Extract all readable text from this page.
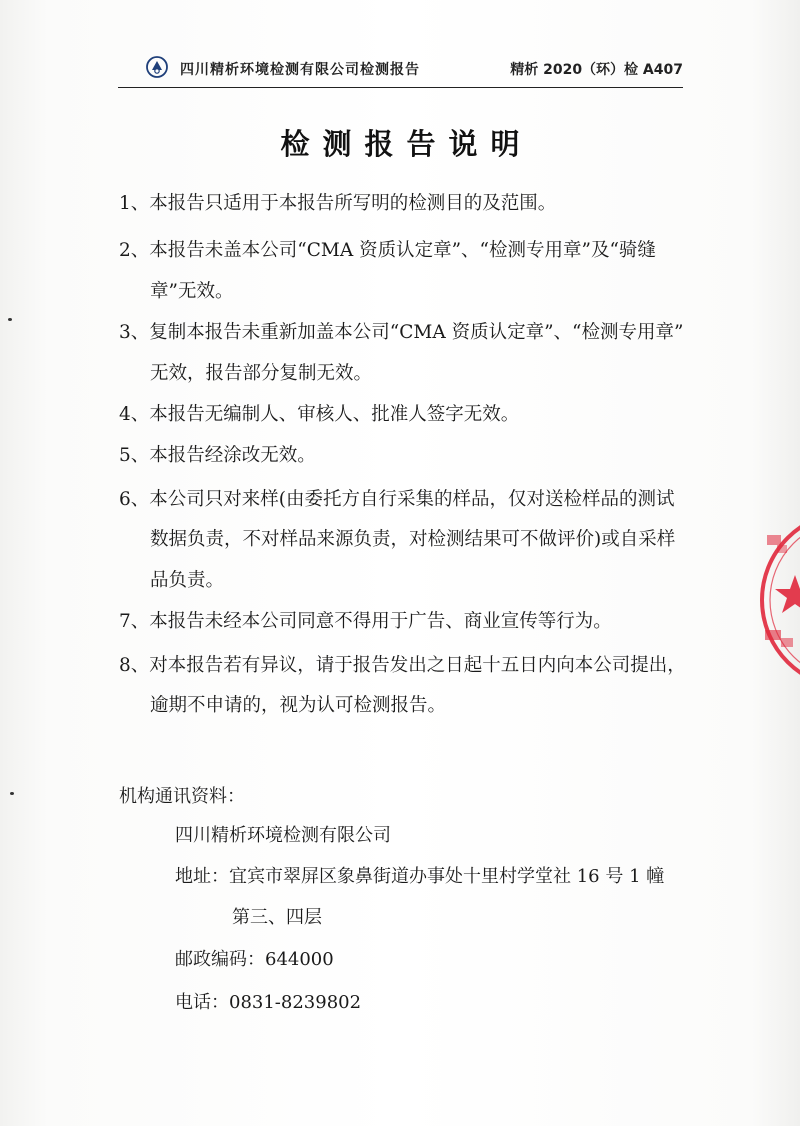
四川精析环境检测有限公司检测报告	精析 2020（环）检 A407
检测报告说明
1、本报告只适用于本报告所写明的检测目的及范围。
2、本报告未盖本公司“CMA 资质认定章”、“检测专用章”及“骑缝
章”无效。
3、复制本报告未重新加盖本公司“CMA 资质认定章”、“检测专用章”
无效，报告部分复制无效。
4、本报告无编制人、审核人、批准人签字无效。
5、本报告经涂改无效。
6、本公司只对来样(由委托方自行采集的样品，仅对送检样品的测试
数据负责，不对样品来源负责，对检测结果可不做评价)或自采样
品负责。
7、本报告未经本公司同意不得用于广告、商业宣传等行为。
8、对本报告若有异议，请于报告发出之日起十五日内向本公司提出，
逾期不申请的，视为认可检测报告。
机构通讯资料：
四川精析环境检测有限公司
地址：宜宾市翠屏区象鼻街道办事处十里村学堂社 16 号 1 幢
第三、四层
邮政编码：644000
电话：0831-8239802
